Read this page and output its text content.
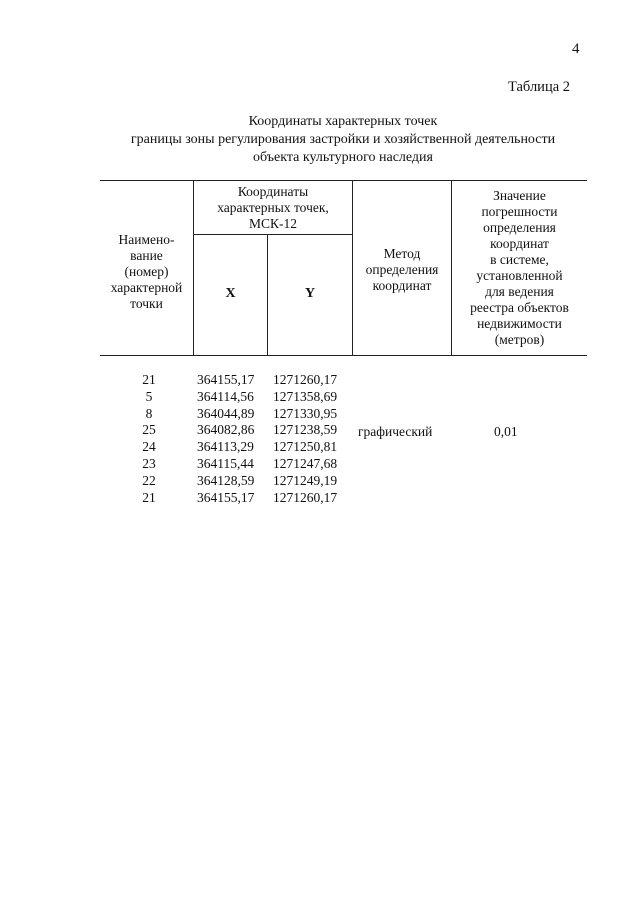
4
Таблица 2
Координаты характерных точек
границы зоны регулирования застройки и хозяйственной деятельности
объекта культурного наследия
Наимено-
вание
(номер)
характерной
точки
Координаты
характерных точек,
МСК-12
X	Y
Метод
определения
координат
Значение
погрешности
определения
координат
в системе,
установленной
для ведения
реестра объектов
недвижимости
(метров)
21	364155,17 1271260,17
5	364114,56 1271358,69
8	364044,89 1271330,95
25	364082,86 1271238,59
24	364113,29 1271250,81
23	364115,44 1271247,68
22	364128,59 1271249,19
21	364155,17 1271260,17
графический	0,01
